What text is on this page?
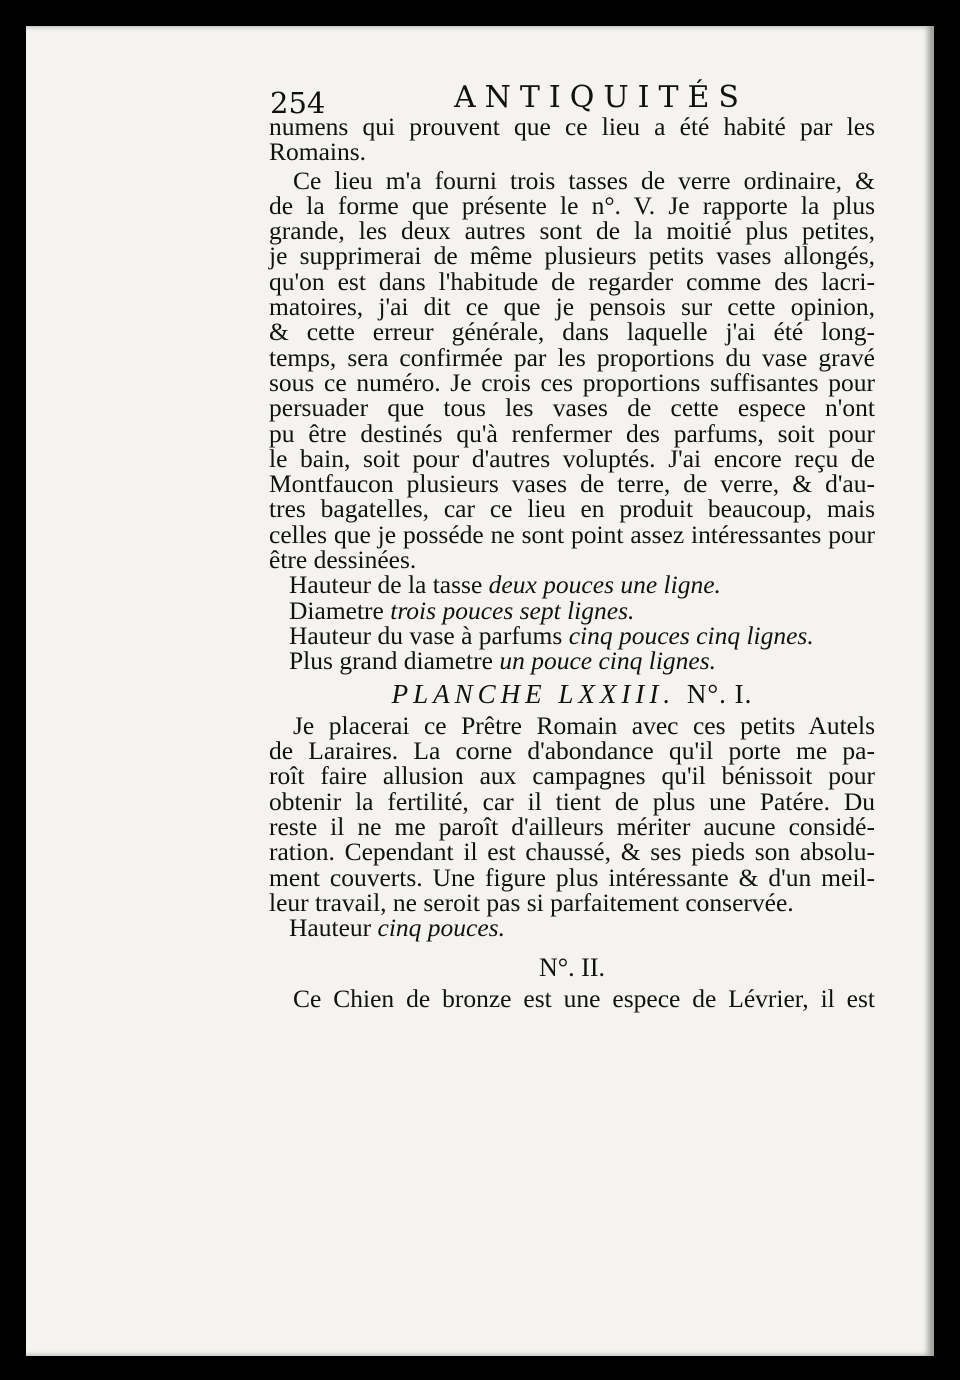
254	ANTIQUITÉS
numens qui prouvent que ce lieu a été habité par les
Romains.
Ce lieu m'a fourni trois tasses de verre ordinaire, &
de la forme que présente le n°. V. Je rapporte la plus
grande, les deux autres sont de la moitié plus petites,
je supprimerai de même plusieurs petits vases allongés,
qu'on est dans l'habitude de regarder comme des lacri-
matoires, j'ai dit ce que je pensois sur cette opinion,
& cette erreur générale, dans laquelle j'ai été long-
temps, sera confirmée par les proportions du vase gravé
sous ce numéro. Je crois ces proportions suffisantes pour
persuader que tous les vases de cette espece n'ont
pu être destinés qu'à renfermer des parfums, soit pour
le bain, soit pour d'autres voluptés. J'ai encore reçu de
Montfaucon plusieurs vases de terre, de verre, & d'au-
tres bagatelles, car ce lieu en produit beaucoup, mais
celles que je posséde ne sont point assez intéressantes pour
être dessinées.
Hauteur de la tasse deux pouces une ligne.
Diametre trois pouces sept lignes.
Hauteur du vase à parfums cinq pouces cinq lignes.
Plus grand diametre un pouce cinq lignes.
PLANCHE LXXIII. N°. I.
Je placerai ce Prêtre Romain avec ces petits Autels
de Laraires. La corne d'abondance qu'il porte me pa-
roît faire allusion aux campagnes qu'il bénissoit pour
obtenir la fertilité, car il tient de plus une Patére. Du
reste il ne me paroît d'ailleurs mériter aucune considé-
ration. Cependant il est chaussé, & ses pieds son absolu-
ment couverts. Une figure plus intéressante & d'un meil-
leur travail, ne seroit pas si parfaitement conservée.
Hauteur cinq pouces.
N°. II.
Ce Chien de bronze est une espece de Lévrier, il est
